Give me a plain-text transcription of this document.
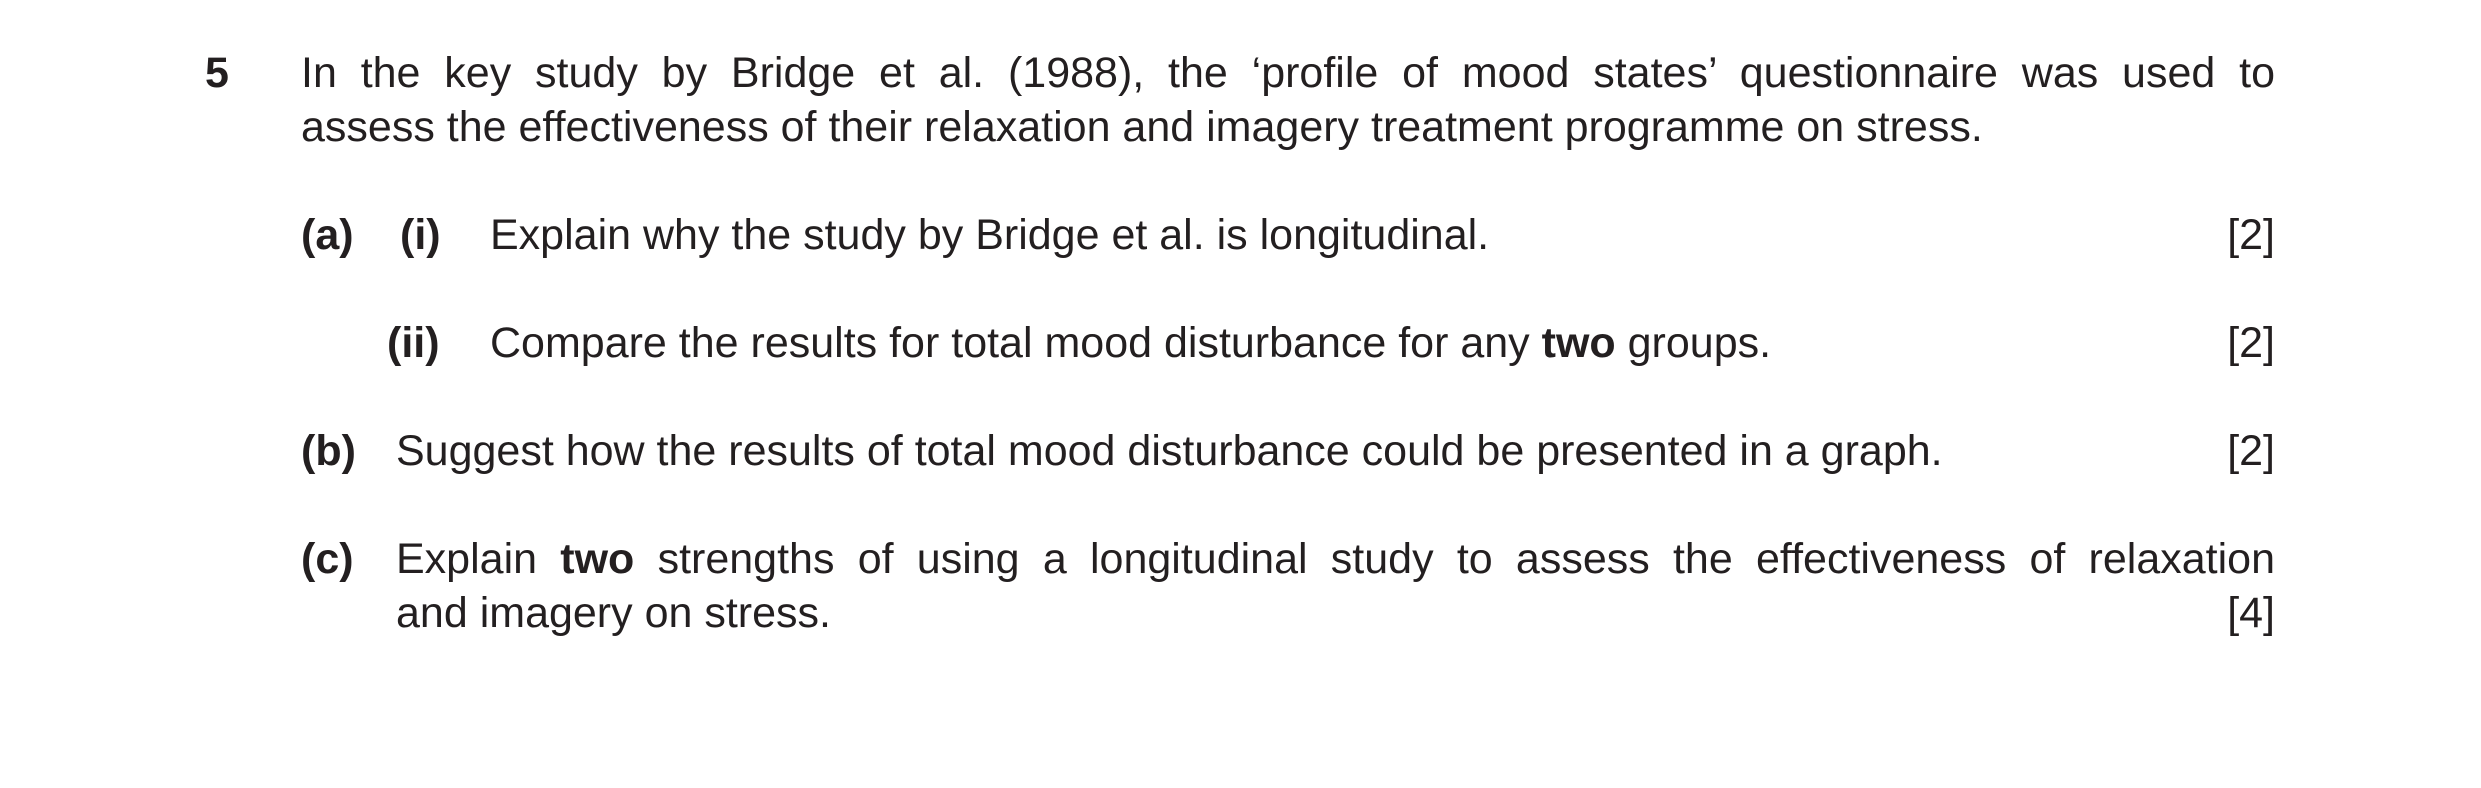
5 In the key study by Bridge et al. (1988), the ‘profile of mood states’ questionnaire was used to
assess the effectiveness of their relaxation and imagery treatment programme on stress.
(a) (i) Explain why the study by Bridge et al. is longitudinal.	[2]
(ii) Compare the results for total mood disturbance for any two groups.	[2]
(b) Suggest how the results of total mood disturbance could be presented in a graph.	[2]
(c) Explain two strengths of using a longitudinal study to assess the effectiveness of relaxation
and imagery on stress.	[4]
